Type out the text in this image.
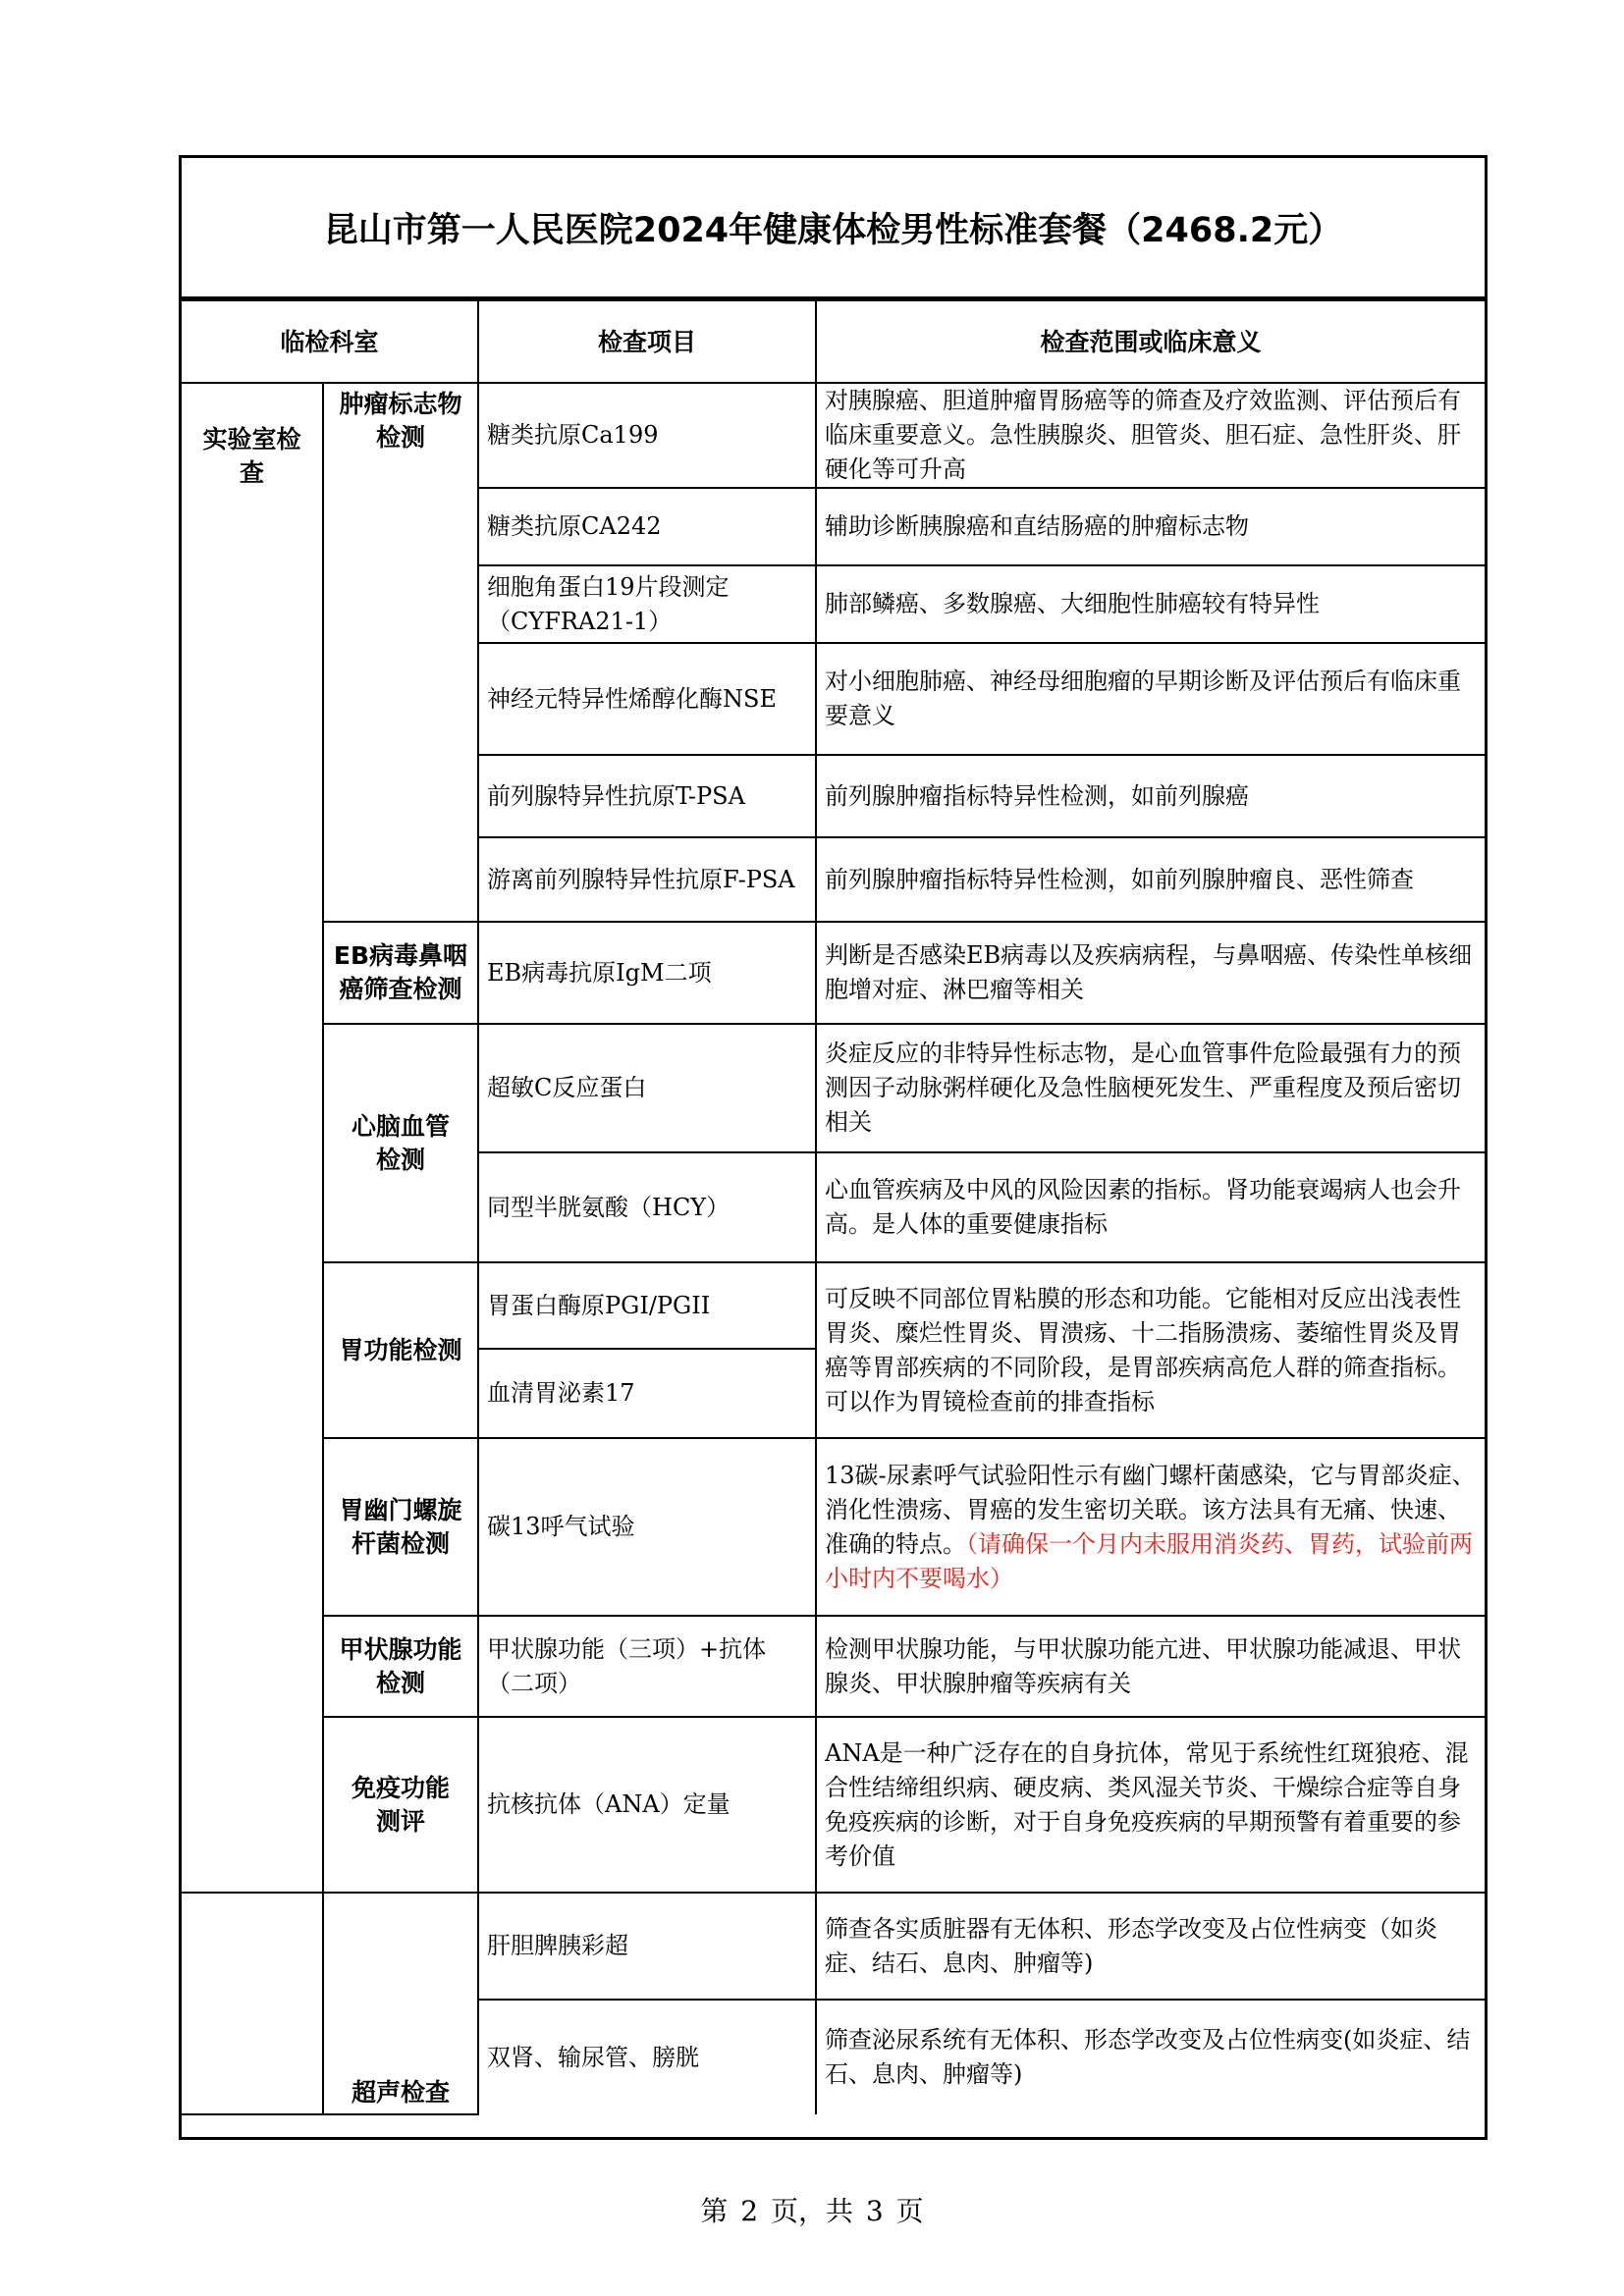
昆山市第一人民医院2024年健康体检男性标准套餐（2468.2元）
临检科室		检查项目	检查范围或临床意义

实验室检查	肿瘤标志物检测	糖类抗原Ca199	对胰腺癌、胆道肿瘤胃肠癌等的筛查及疗效监测、评估预后有临床重要意义。急性胰腺炎、胆管炎、胆石症、急性肝炎、肝硬化等可升高
		糖类抗原CA242	辅助诊断胰腺癌和直结肠癌的肿瘤标志物
		细胞角蛋白19片段测定（CYFRA21-1）	肺部鳞癌、多数腺癌、大细胞性肺癌较有特异性
		神经元特异性烯醇化酶NSE	对小细胞肺癌、神经母细胞瘤的早期诊断及评估预后有临床重要意义
		前列腺特异性抗原T-PSA	前列腺肿瘤指标特异性检测，如前列腺癌
		游离前列腺特异性抗原F-PSA	前列腺肿瘤指标特异性检测，如前列腺肿瘤良、恶性筛查

	EB病毒鼻咽癌筛查检测	EB病毒抗原IgM二项	判断是否感染EB病毒以及疾病病程，与鼻咽癌、传染性单核细胞增对症、淋巴瘤等相关

	心脑血管检测	超敏C反应蛋白	炎症反应的非特异性标志物，是心血管事件危险最强有力的预测因子动脉粥样硬化及急性脑梗死发生、严重程度及预后密切相关
		同型半胱氨酸（HCY）	心血管疾病及中风的风险因素的指标。肾功能衰竭病人也会升高。是人体的重要健康指标
	胃功能检测	胃蛋白酶原PGI/PGII	可反映不同部位胃粘膜的形态和功能。它能相对反应出浅表性胃炎、糜烂性胃炎、胃溃疡、十二指肠溃疡、萎缩性胃炎及胃癌等胃部疾病的不同阶段，是胃部疾病高危人群的筛查指标。可以作为胃镜检查前的排查指标
		血清胃泌素17	

	胃幽门螺旋杆菌检测	碳13呼气试验	13碳-尿素呼气试验阳性示有幽门螺杆菌感染，它与胃部炎症、消化性溃疡、胃癌的发生密切关联。该方法具有无痛、快速、准确的特点。（请确保一个月内未服用消炎药、胃药，试验前两小时内不要喝水）

	甲状腺功能检测	甲状腺功能（三项）+抗体（二项）	检测甲状腺功能，与甲状腺功能亢进、甲状腺功能减退、甲状腺炎、甲状腺肿瘤等疾病有关

	免疫功能测评	抗核抗体（ANA）定量	ANA是一种广泛存在的自身抗体，常见于系统性红斑狼疮、混合性结缔组织病、硬皮病、类风湿关节炎、干燥综合症等自身免疫疾病的诊断，对于自身免疫疾病的早期预警有着重要的参考价值
	超声检查	肝胆脾胰彩超	筛查各实质脏器有无体积、形态学改变及占位性病变（如炎症、结石、息肉、肿瘤等)
		双肾、输尿管、膀胱	筛查泌尿系统有无体积、形态学改变及占位性病变(如炎症、结石、息肉、肿瘤等)
第 2 页，共 3 页
